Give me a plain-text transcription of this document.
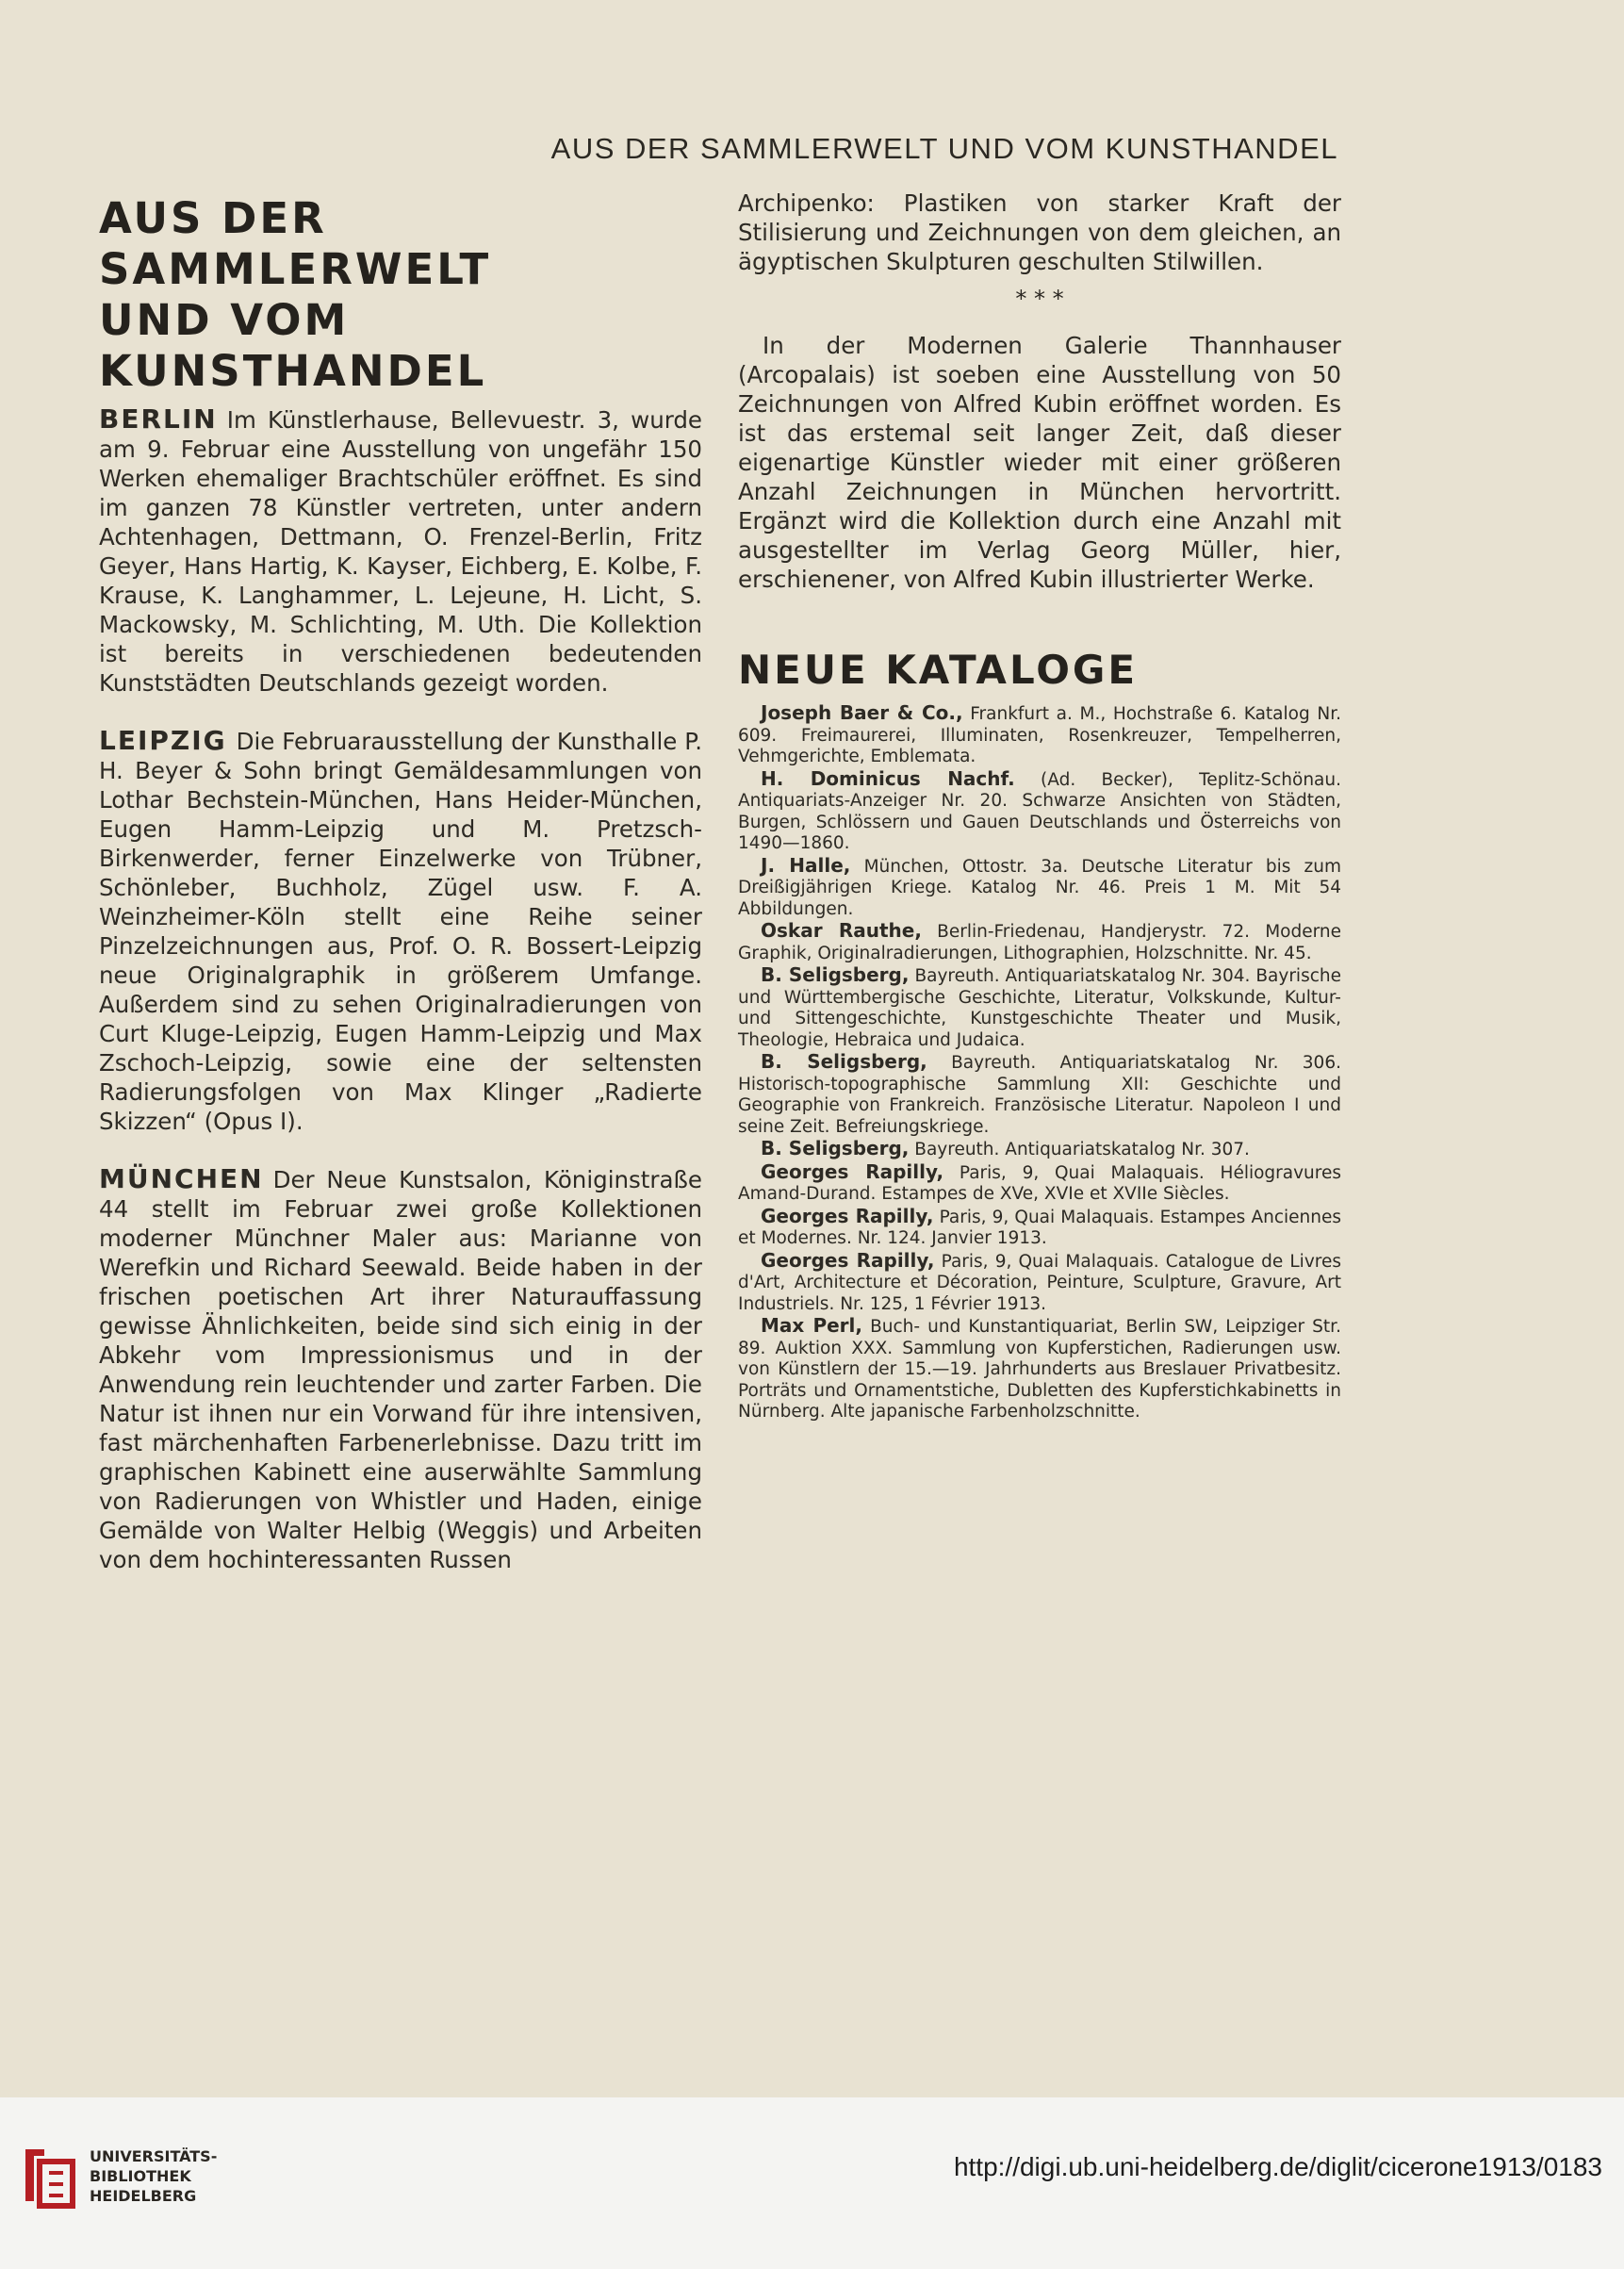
AUS DER SAMMLERWELT UND VOM KUNSTHANDEL
AUS DER SAMMLERWELT
UND VOM KUNSTHANDEL

BERLIN Im Künstlerhause, Bellevuestr. 3, wurde am 9. Februar eine Ausstellung von ungefähr 150 Werken ehemaliger Brachtschüler eröffnet. Es sind im ganzen 78 Künstler vertreten, unter andern Achtenhagen, Dettmann, O. Frenzel-Berlin, Fritz Geyer, Hans Hartig, K. Kayser, Eichberg, E. Kolbe, F. Krause, K. Langhammer, L. Lejeune, H. Licht, S. Mackowsky, M. Schlichting, M. Uth. Die Kollektion ist bereits in verschiedenen bedeutenden Kunststädten Deutschlands gezeigt worden.

LEIPZIG Die Februarausstellung der Kunsthalle P. H. Beyer & Sohn bringt Gemäldesammlungen von Lothar Bechstein-München, Hans Heider-München, Eugen Hamm-Leipzig und M. Pretzsch-Birkenwerder, ferner Einzelwerke von Trübner, Schönleber, Buchholz, Zügel usw. F. A. Weinzheimer-Köln stellt eine Reihe seiner Pinzelzeichnungen aus, Prof. O. R. Bossert-Leipzig neue Originalgraphik in größerem Umfange. Außerdem sind zu sehen Originalradierungen von Curt Kluge-Leipzig, Eugen Hamm-Leipzig und Max Zschoch-Leipzig, sowie eine der seltensten Radierungsfolgen von Max Klinger „Radierte Skizzen“ (Opus I).

MÜNCHEN Der Neue Kunstsalon, Königinstraße 44 stellt im Februar zwei große Kollektionen moderner Münchner Maler aus: Marianne von Werefkin und Richard Seewald. Beide haben in der frischen poetischen Art ihrer Naturauffassung gewisse Ähnlichkeiten, beide sind sich einig in der Abkehr vom Impressionismus und in der Anwendung rein leuchtender und zarter Farben. Die Natur ist ihnen nur ein Vorwand für ihre intensiven, fast märchenhaften Farbenerlebnisse. Dazu tritt im graphischen Kabinett eine auserwählte Sammlung von Radierungen von Whistler und Haden, einige Gemälde von Walter Helbig (Weggis) und Arbeiten von dem hochinteressanten Russen

Archipenko: Plastiken von starker Kraft der Stilisierung und Zeichnungen von dem gleichen, an ägyptischen Skulpturen geschulten Stilwillen.

* * *

In der Modernen Galerie Thannhauser (Arcopalais) ist soeben eine Ausstellung von 50 Zeichnungen von Alfred Kubin eröffnet worden. Es ist das erstemal seit langer Zeit, daß dieser eigenartige Künstler wieder mit einer größeren Anzahl Zeichnungen in München hervortritt. Ergänzt wird die Kollektion durch eine Anzahl mit ausgestellter im Verlag Georg Müller, hier, erschienener, von Alfred Kubin illustrierter Werke.

NEUE KATALOGE

Joseph Baer & Co., Frankfurt a. M., Hochstraße 6. Katalog Nr. 609. Freimaurerei, Illuminaten, Rosenkreuzer, Tempelherren, Vehmgerichte, Emblemata.

H. Dominicus Nachf. (Ad. Becker), Teplitz-Schönau. Antiquariats-Anzeiger Nr. 20. Schwarze Ansichten von Städten, Burgen, Schlössern und Gauen Deutschlands und Österreichs von 1490—1860.

J. Halle, München, Ottostr. 3a. Deutsche Literatur bis zum Dreißigjährigen Kriege. Katalog Nr. 46. Preis 1 M. Mit 54 Abbildungen.

Oskar Rauthe, Berlin-Friedenau, Handjerystr. 72. Moderne Graphik, Originalradierungen, Lithographien, Holzschnitte. Nr. 45.

B. Seligsberg, Bayreuth. Antiquariatskatalog Nr. 304. Bayrische und Württembergische Geschichte, Literatur, Volkskunde, Kultur- und Sittengeschichte, Kunstgeschichte Theater und Musik, Theologie, Hebraica und Judaica.

B. Seligsberg, Bayreuth. Antiquariatskatalog Nr. 306. Historisch-topographische Sammlung XII: Geschichte und Geographie von Frankreich. Französische Literatur. Napoleon I und seine Zeit. Befreiungskriege.

B. Seligsberg, Bayreuth. Antiquariatskatalog Nr. 307.

Georges Rapilly, Paris, 9, Quai Malaquais. Héliogravures Amand-Durand. Estampes de XVe, XVIe et XVIIe Siècles.

Georges Rapilly, Paris, 9, Quai Malaquais. Estampes Anciennes et Modernes. Nr. 124. Janvier 1913.

Georges Rapilly, Paris, 9, Quai Malaquais. Catalogue de Livres d'Art, Architecture et Décoration, Peinture, Sculpture, Gravure, Art Industriels. Nr. 125, 1 Février 1913.

Max Perl, Buch- und Kunstantiquariat, Berlin SW, Leipziger Str. 89. Auktion XXX. Sammlung von Kupferstichen, Radierungen usw. von Künstlern der 15.—19. Jahrhunderts aus Breslauer Privatbesitz. Porträts und Ornamentstiche, Dubletten des Kupferstichkabinetts in Nürnberg. Alte japanische Farbenholzschnitte.

UNIVERSITÄTS-
BIBLIOTHEK
HEIDELBERG
http://digi.ub.uni-heidelberg.de/diglit/cicerone1913/0183
